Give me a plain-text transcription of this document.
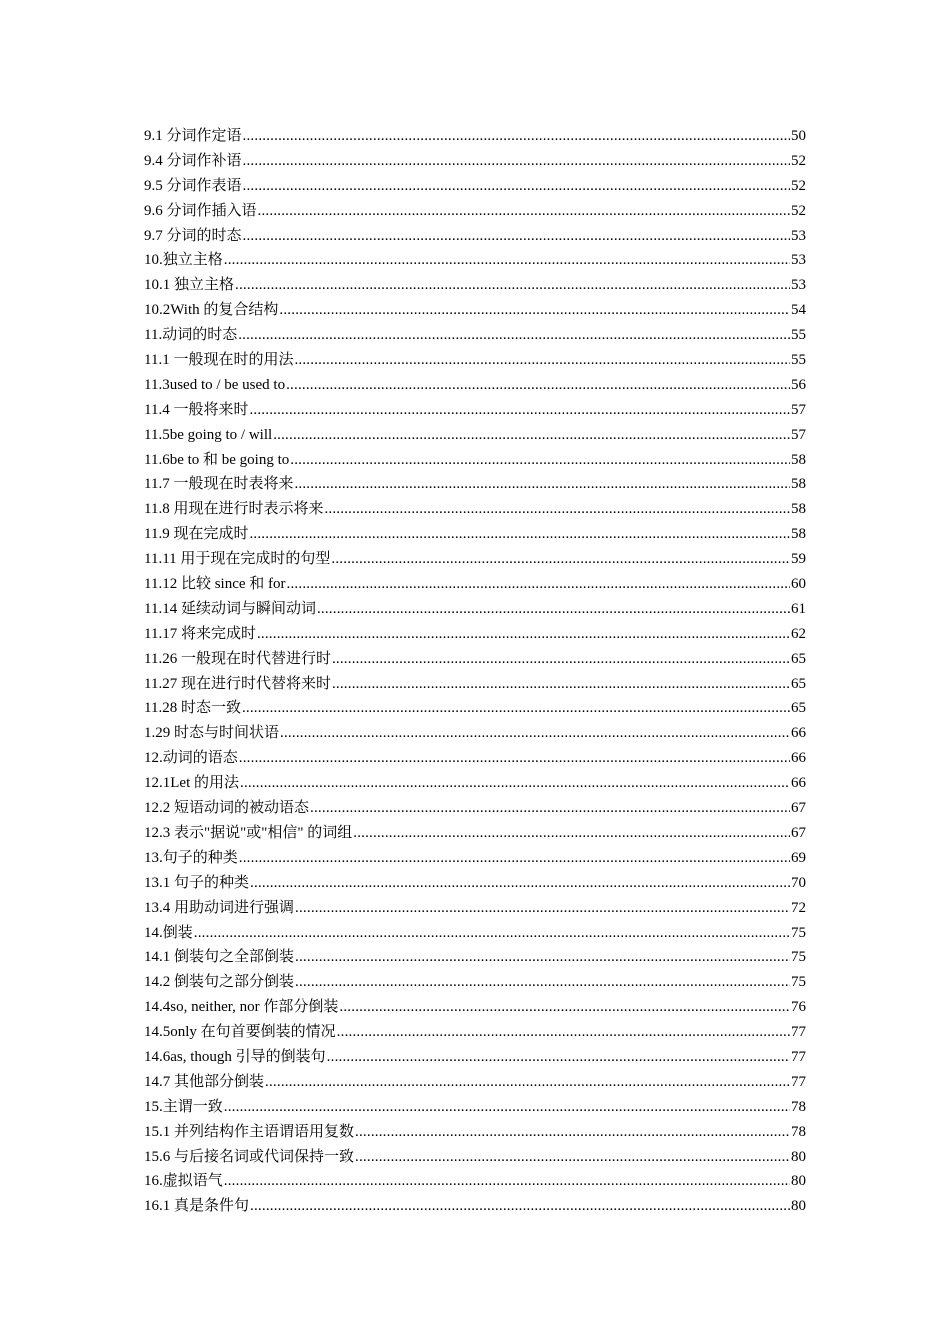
9.1 分词作定语 .....	50
9.4 分词作补语 .....	52
9.5 分词作表语 .....	52
9.6 分词作插入语 .....	52
9.7 分词的时态 .....	53
10.独立主格 .....	53
10.1 独立主格 .....	53
10.2With 的复合结构 .....	54
11.动词的时态 .....	55
11.1 一般现在时的用法 .....	55
11.3used to / be used to .....	56
11.4 一般将来时 .....	57
11.5be going to / will .....	57
11.6be to 和 be going to .....	58
11.7 一般现在时表将来 .....	58
11.8 用现在进行时表示将来 .....	58
11.9 现在完成时 .....	58
11.11 用于现在完成时的句型 .....	59
11.12 比较 since 和 for .....	60
11.14 延续动词与瞬间动词 .....	61
11.17 将来完成时 .....	62
11.26 一般现在时代替进行时 .....	65
11.27 现在进行时代替将来时 .....	65
11.28 时态一致 .....	65
1.29 时态与时间状语 .....	66
12.动词的语态 .....	66
12.1Let 的用法 .....	66
12.2 短语动词的被动语态 .....	67
12.3 表示"据说"或"相信" 的词组 .....	67
13.句子的种类 .....	69
13.1 句子的种类 .....	70
13.4 用助动词进行强调 .....	72
14.倒装 .....	75
14.1 倒装句之全部倒装 .....	75
14.2 倒装句之部分倒装 .....	75
14.4so, neither, nor 作部分倒装 .....	76
14.5only 在句首要倒装的情况 .....	77
14.6as, though 引导的倒装句 .....	77
14.7 其他部分倒装 .....	77
15.主谓一致 .....	78
15.1 并列结构作主语谓语用复数 .....	78
15.6 与后接名词或代词保持一致 .....	80
16.虚拟语气 .....	80
16.1 真是条件句 .....	80
